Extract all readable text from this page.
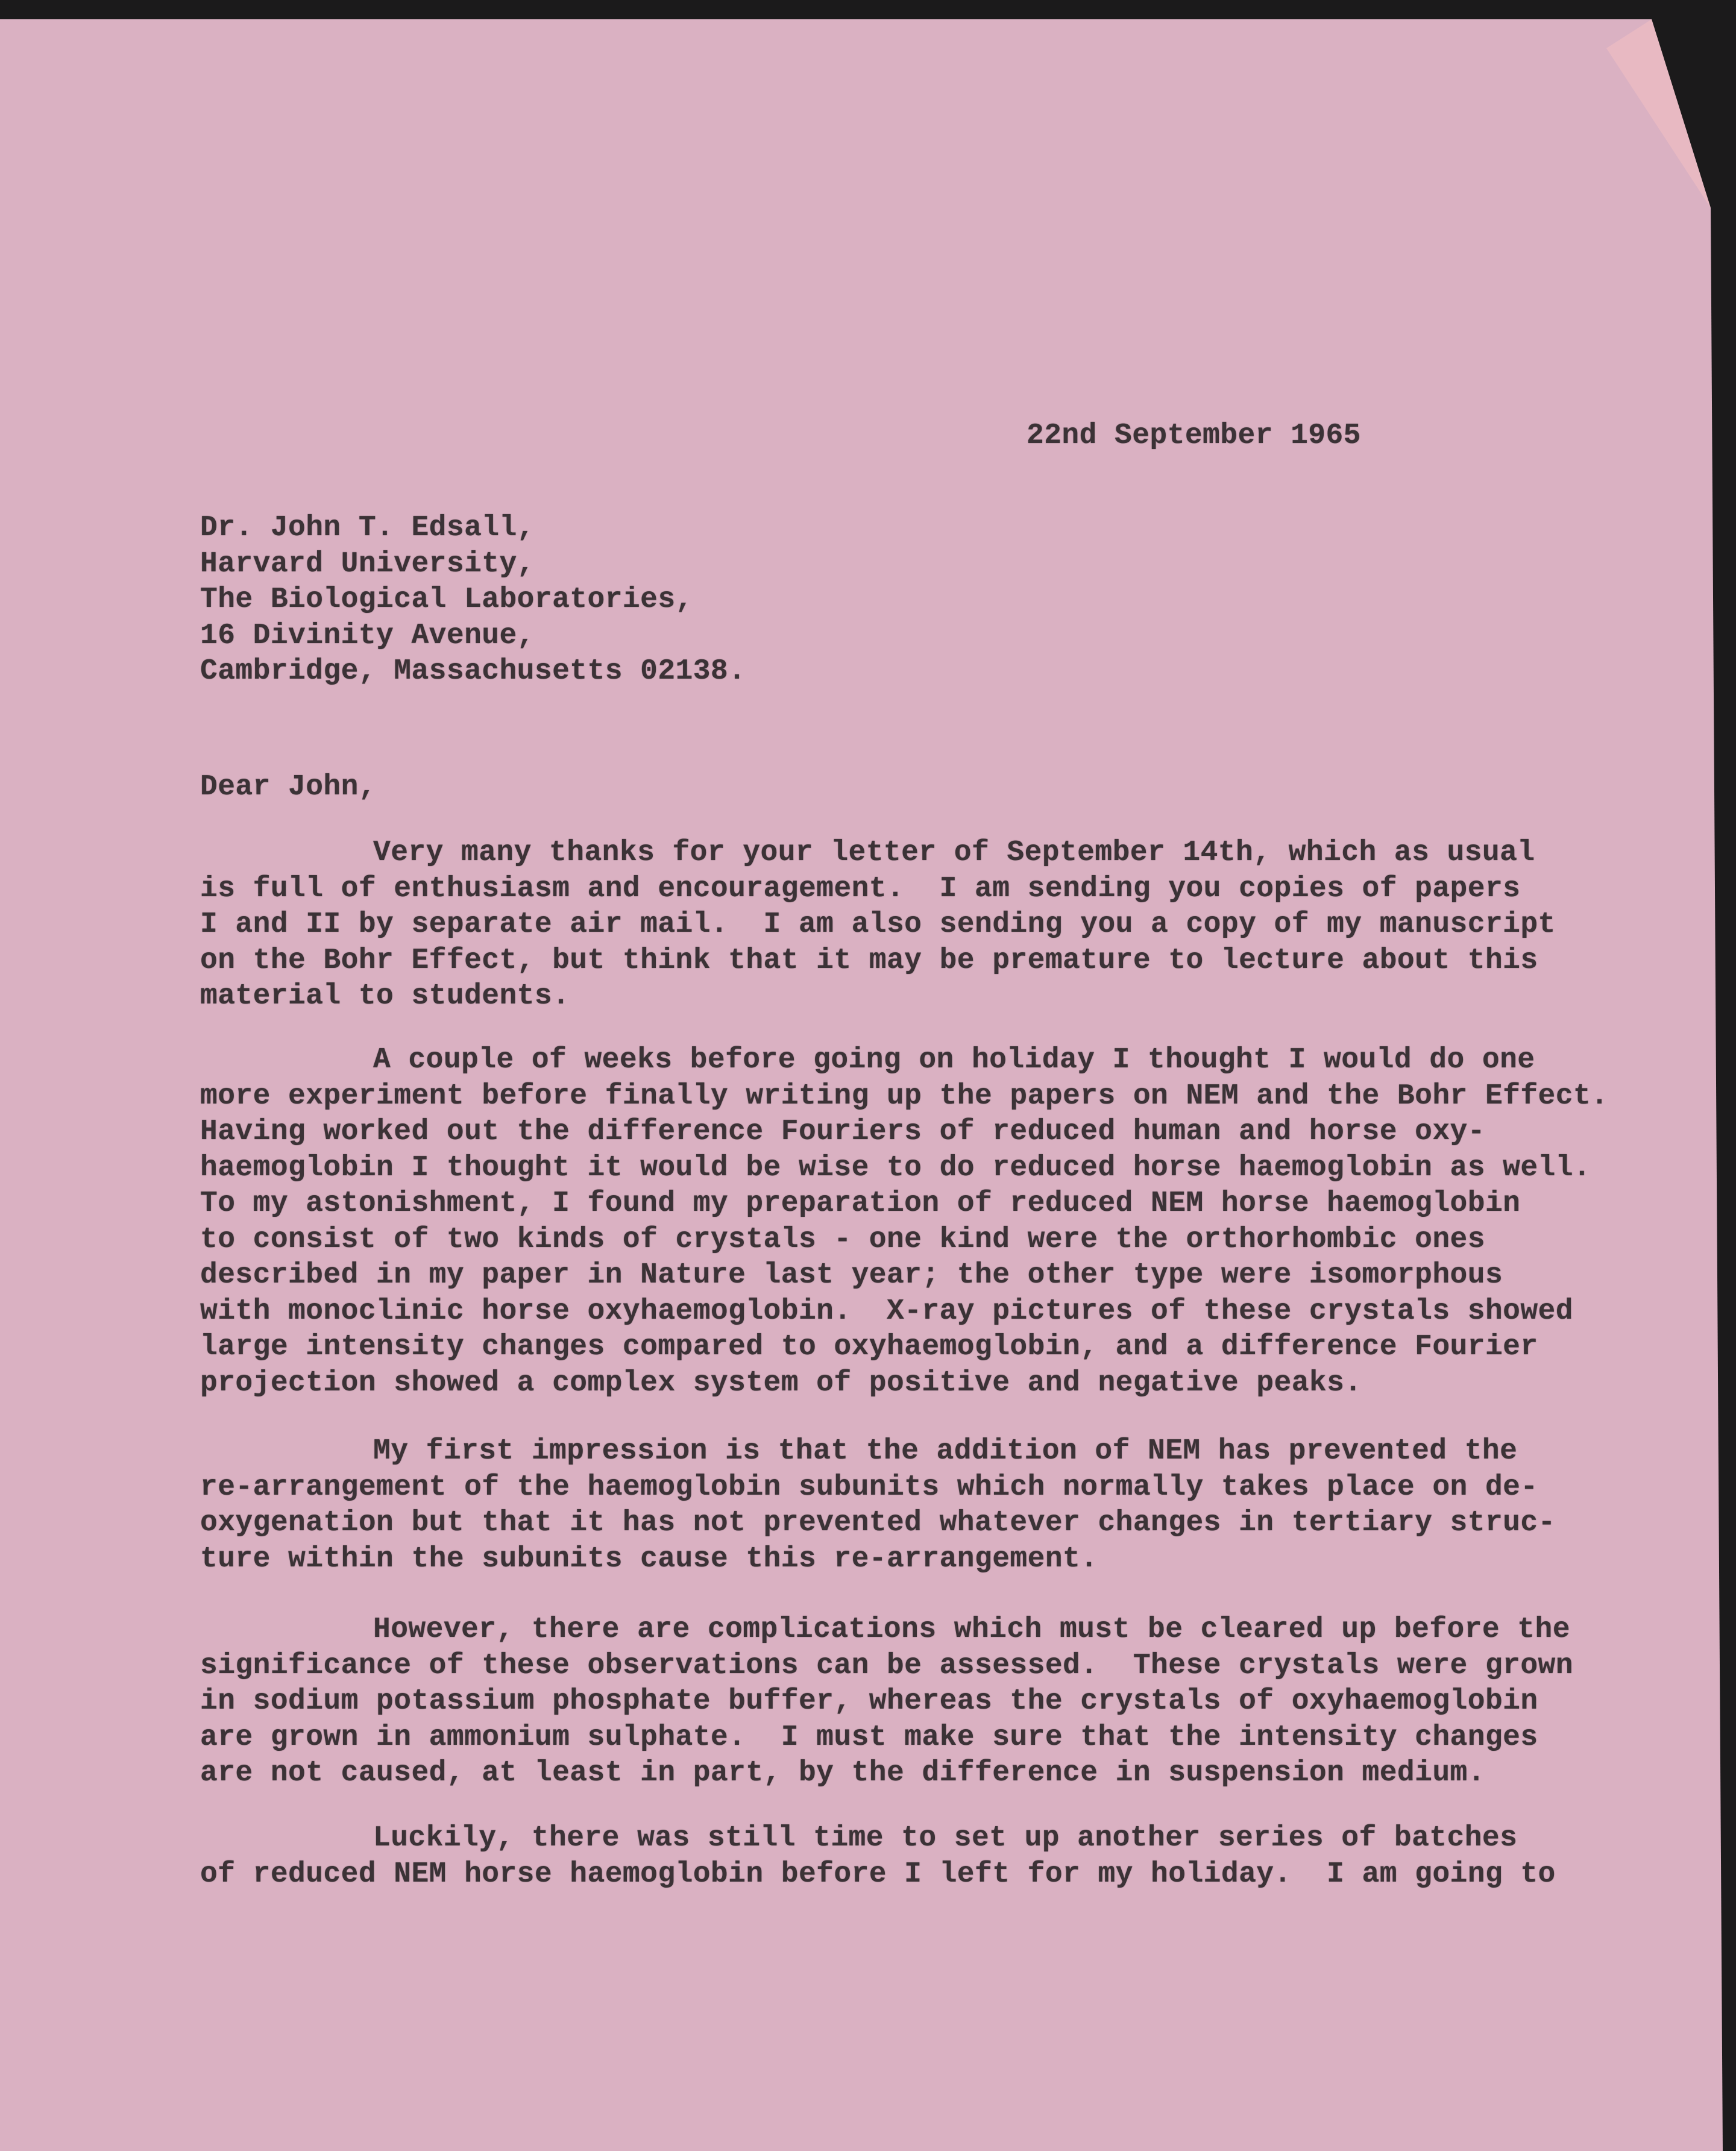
22nd September 1965
Dr. John T. Edsall,
Harvard University,
The Biological Laboratories,
16 Divinity Avenue,
Cambridge, Massachusetts 02138.
Dear John,
Very many thanks for your letter of September 14th, which as usual
is full of enthusiasm and encouragement.  I am sending you copies of papers
I and II by separate air mail.  I am also sending you a copy of my manuscript
on the Bohr Effect, but think that it may be premature to lecture about this
material to students.
A couple of weeks before going on holiday I thought I would do one
more experiment before finally writing up the papers on NEM and the Bohr Effect.
Having worked out the difference Fouriers of reduced human and horse oxy-
haemoglobin I thought it would be wise to do reduced horse haemoglobin as well.
To my astonishment, I found my preparation of reduced NEM horse haemoglobin
to consist of two kinds of crystals - one kind were the orthorhombic ones
described in my paper in Nature last year; the other type were isomorphous
with monoclinic horse oxyhaemoglobin.  X-ray pictures of these crystals showed
large intensity changes compared to oxyhaemoglobin, and a difference Fourier
projection showed a complex system of positive and negative peaks.
My first impression is that the addition of NEM has prevented the
re-arrangement of the haemoglobin subunits which normally takes place on de-
oxygenation but that it has not prevented whatever changes in tertiary struc-
ture within the subunits cause this re-arrangement.
However, there are complications which must be cleared up before the
significance of these observations can be assessed.  These crystals were grown
in sodium potassium phosphate buffer, whereas the crystals of oxyhaemoglobin
are grown in ammonium sulphate.  I must make sure that the intensity changes
are not caused, at least in part, by the difference in suspension medium.
Luckily, there was still time to set up another series of batches
of reduced NEM horse haemoglobin before I left for my holiday.  I am going to
